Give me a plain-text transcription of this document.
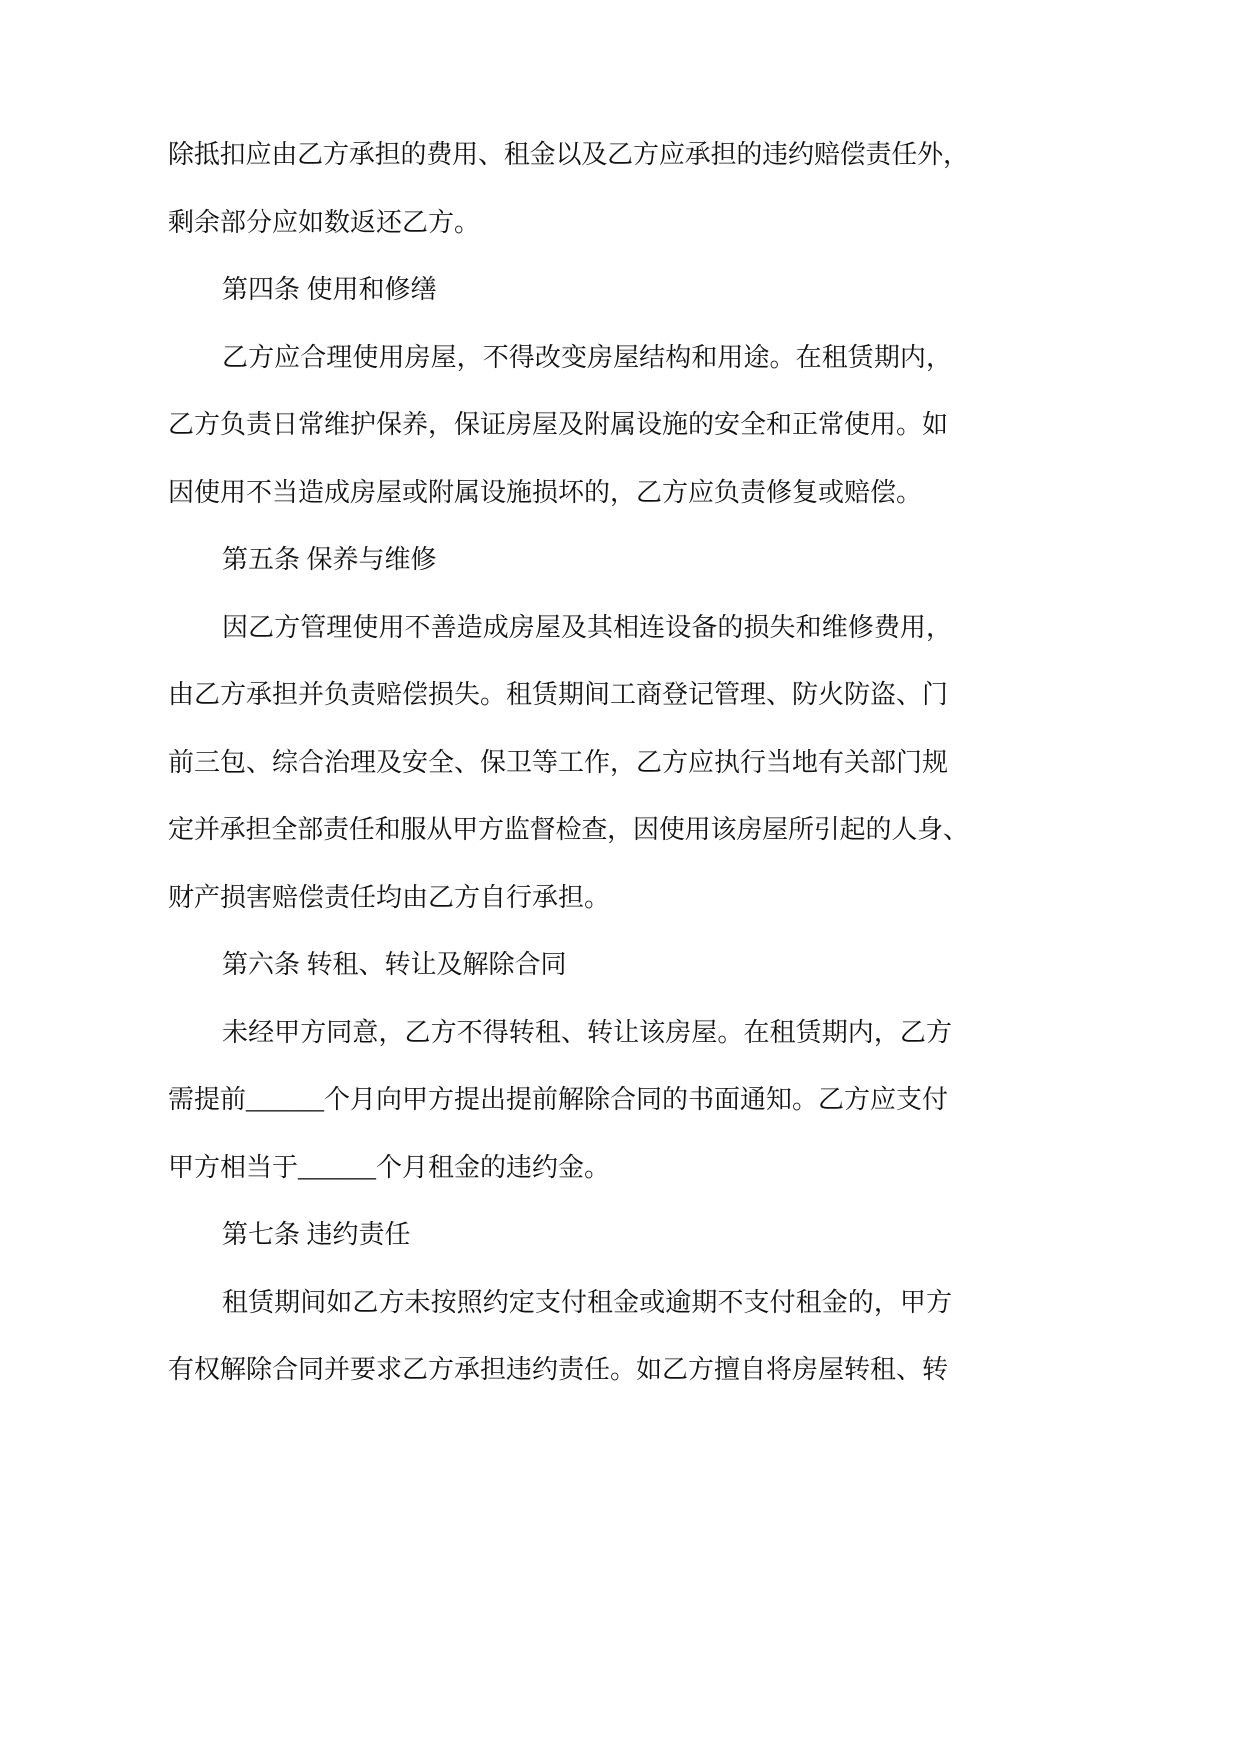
除抵扣应由乙方承担的费用、租金以及乙方应承担的违约赔偿责任外，
剩余部分应如数返还乙方。
第四条 使用和修缮
乙方应合理使用房屋，不得改变房屋结构和用途。在租赁期内，
乙方负责日常维护保养，保证房屋及附属设施的安全和正常使用。如
因使用不当造成房屋或附属设施损坏的，乙方应负责修复或赔偿。
第五条 保养与维修
因乙方管理使用不善造成房屋及其相连设备的损失和维修费用，
由乙方承担并负责赔偿损失。租赁期间工商登记管理、防火防盗、门
前三包、综合治理及安全、保卫等工作，乙方应执行当地有关部门规
定并承担全部责任和服从甲方监督检查，因使用该房屋所引起的人身、
财产损害赔偿责任均由乙方自行承担。
第六条 转租、转让及解除合同
未经甲方同意，乙方不得转租、转让该房屋。在租赁期内，乙方
需提前______个月向甲方提出提前解除合同的书面通知。乙方应支付
甲方相当于______个月租金的违约金。
第七条 违约责任
租赁期间如乙方未按照约定支付租金或逾期不支付租金的，甲方
有权解除合同并要求乙方承担违约责任。如乙方擅自将房屋转租、转
